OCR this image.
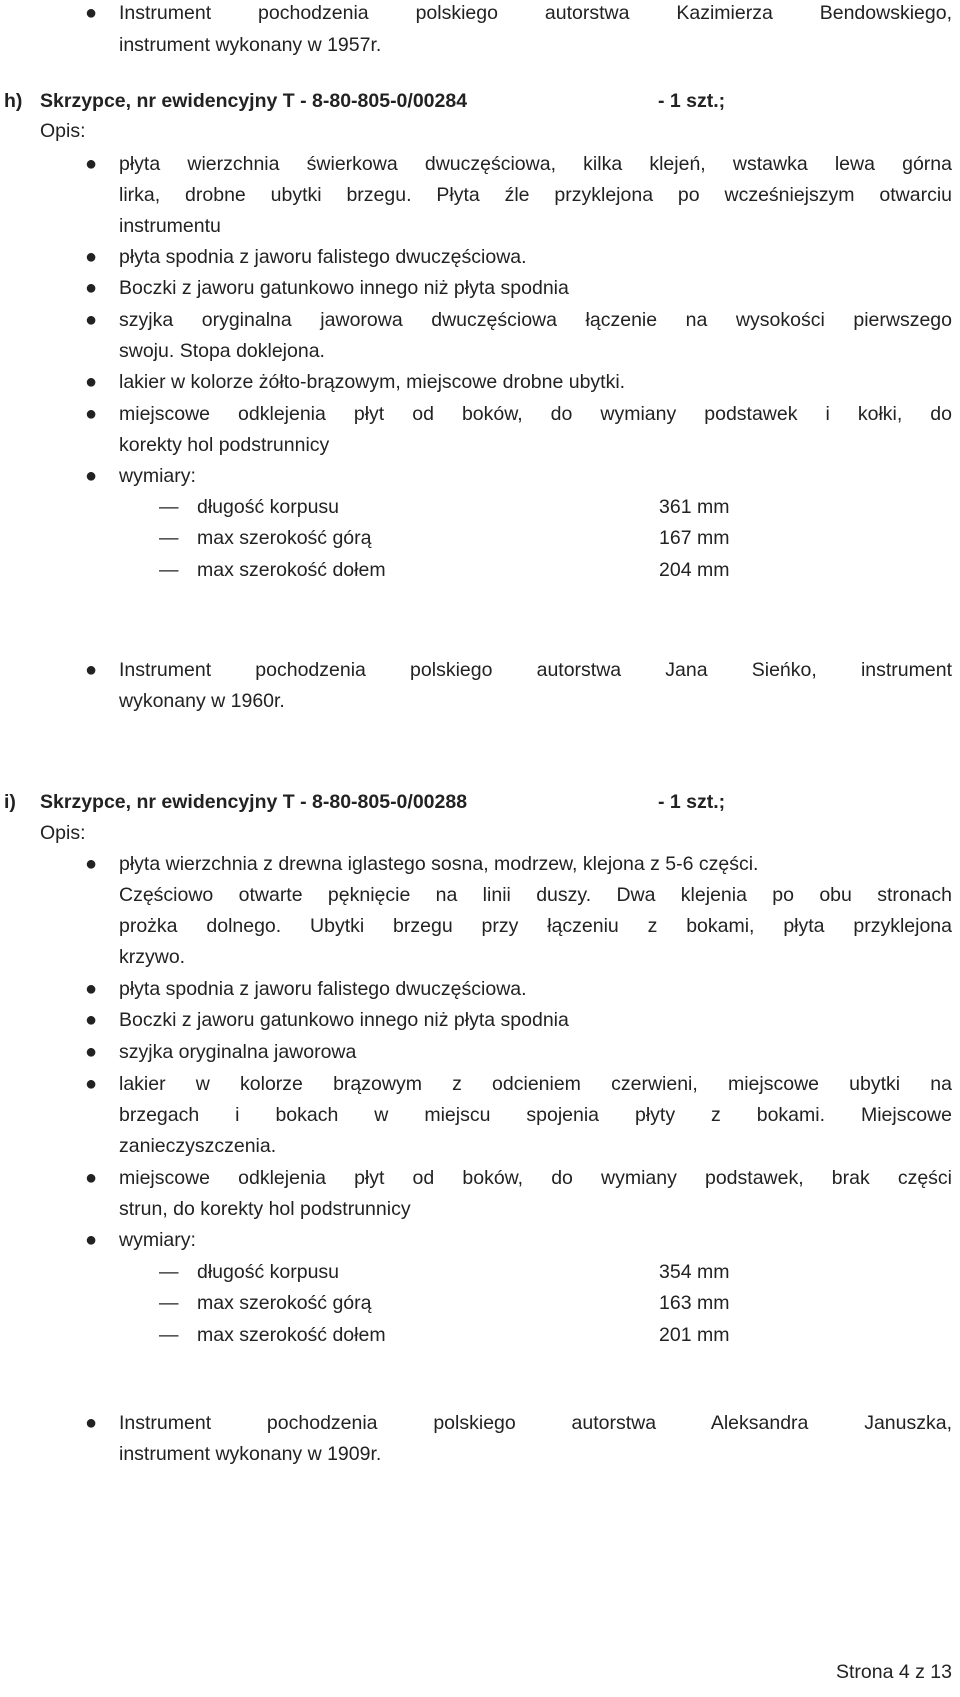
● Instrument pochodzenia polskiego autorstwa Kazimierza Bendowskiego,
instrument wykonany w 1957r.
h) Skrzypce, nr ewidencyjny T - 8-80-805-0/00284	- 1 szt.;
Opis:
● płyta wierzchnia świerkowa dwuczęściowa, kilka klejeń, wstawka lewa górna
lirka, drobne ubytki brzegu. Płyta źle przyklejona po wcześniejszym otwarciu
instrumentu
● płyta spodnia z jaworu falistego dwuczęściowa.
● Boczki z jaworu gatunkowo innego niż płyta spodnia
● szyjka oryginalna jaworowa dwuczęściowa łączenie na wysokości pierwszego
swoju. Stopa doklejona.
● lakier w kolorze żółto-brązowym, miejscowe drobne ubytki.
● miejscowe odklejenia płyt od boków, do wymiany podstawek i kołki, do
korekty hol podstrunnicy
● wymiary:
— długość korpusu	361 mm
— max szerokość górą	167 mm
— max szerokość dołem	204 mm
● Instrument pochodzenia polskiego autorstwa Jana Sieńko, instrument
wykonany w 1960r.
i) Skrzypce, nr ewidencyjny T - 8-80-805-0/00288	- 1 szt.;
Opis:
● płyta wierzchnia z drewna iglastego sosna, modrzew, klejona z 5-6 części.
Częściowo otwarte pęknięcie na linii duszy. Dwa klejenia po obu stronach
prożka dolnego. Ubytki brzegu przy łączeniu z bokami, płyta przyklejona
krzywo.
● płyta spodnia z jaworu falistego dwuczęściowa.
● Boczki z jaworu gatunkowo innego niż płyta spodnia
● szyjka oryginalna jaworowa
● lakier w kolorze brązowym z odcieniem czerwieni, miejscowe ubytki na
brzegach i bokach w miejscu spojenia płyty z bokami. Miejscowe
zanieczyszczenia.
● miejscowe odklejenia płyt od boków, do wymiany podstawek, brak części
strun, do korekty hol podstrunnicy
● wymiary:
— długość korpusu	354 mm
— max szerokość górą	163 mm
— max szerokość dołem	201 mm
● Instrument pochodzenia polskiego autorstwa Aleksandra Januszka,
instrument wykonany w 1909r.
Strona 4 z 13
